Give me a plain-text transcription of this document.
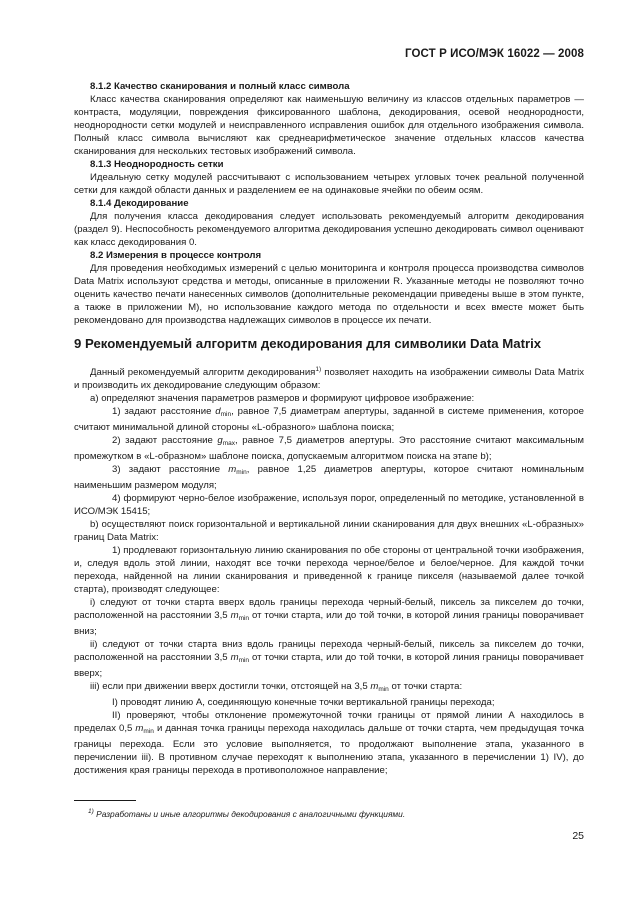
ГОСТ Р ИСО/МЭК 16022 — 2008

8.1.2 Качество сканирования и полный класс символа

Класс качества сканирования определяют как наименьшую величину из классов отдельных параметров — контраста, модуляции, повреждения фиксированного шаблона, декодирования, осевой неоднородности, неоднородности сетки модулей и неисправленного исправления ошибок для отдельного изображения символа. Полный класс символа вычисляют как среднеарифметическое значение отдельных классов качества сканирования для нескольких тестовых изображений символа.

8.1.3 Неоднородность сетки

Идеальную сетку модулей рассчитывают с использованием четырех угловых точек реальной полученной сетки для каждой области данных и разделением ее на одинаковые ячейки по обеим осям.

8.1.4 Декодирование

Для получения класса декодирования следует использовать рекомендуемый алгоритм декодирования (раздел 9). Неспособность рекомендуемого алгоритма декодирования успешно декодировать символ оценивают как класс декодирования 0.

8.2 Измерения в процессе контроля

Для проведения необходимых измерений с целью мониторинга и контроля процесса производства символов Data Matrix используют средства и методы, описанные в приложении R. Указанные методы не позволяют точно оценить качество печати нанесенных символов (дополнительные рекомендации приведены выше в этом пункте, а также в приложении М), но использование каждого метода по отдельности и всех вместе может быть рекомендовано для производства надлежащих символов в процессе их печати.

9 Рекомендуемый алгоритм декодирования для символики Data Matrix

Данный рекомендуемый алгоритм декодирования$^{1)}$ позволяет находить на изображении символы Data Matrix и производить их декодирование следующим образом:

а) определяют значения параметров размеров и формируют цифровое изображение:

1) задают расстояние $d_{min}$, равное 7,5 диаметрам апертуры, заданной в системе применения, которое считают минимальной длиной стороны «L-образного» шаблона поиска;

2) задают расстояние $g_{max}$, равное 7,5 диаметров апертуры. Это расстояние считают максимальным промежутком в «L-образном» шаблоне поиска, допускаемым алгоритмом поиска на этапе b);

3) задают расстояние $m_{min}$, равное 1,25 диаметров апертуры, которое считают номинальным наименьшим размером модуля;

4) формируют черно-белое изображение, используя порог, определенный по методике, установленной в ИСО/МЭК 15415;

b) осуществляют поиск горизонтальной и вертикальной линии сканирования для двух внешних «L-образных» границ Data Matrix:

1) продлевают горизонтальную линию сканирования по обе стороны от центральной точки изображения, и, следуя вдоль этой линии, находят все точки перехода черное/белое и белое/черное. Для каждой точки перехода, найденной на линии сканирования и приведенной к границе пикселя (называемой далее точкой старта), производят следующее:

i) следуют от точки старта вверх вдоль границы перехода черный-белый, пиксель за пикселем до точки, расположенной на расстоянии 3,5 $m_{min}$ от точки старта, или до той точки, в которой линия границы поворачивает вниз;

ii) следуют от точки старта вниз вдоль границы перехода черный-белый, пиксель за пикселем до точки, расположенной на расстоянии 3,5 $m_{min}$ от точки старта, или до той точки, в которой линия границы поворачивает вверх;

iii) если при движении вверх достигли точки, отстоящей на 3,5 $m_{min}$ от точки старта:

I) проводят линию А, соединяющую конечные точки вертикальной границы перехода;

II) проверяют, чтобы отклонение промежуточной точки границы от прямой линии А находилось в пределах 0,5 $m_{min}$ и данная точка границы перехода находилась дальше от точки старта, чем предыдущая точка границы перехода. Если это условие выполняется, то продолжают выполнение этапа, указанного в перечислении iii). В противном случае переходят к выполнению этапа, указанного в перечислении 1) IV), до достижения края границы перехода в противоположное направление;

$^{1)}$ Разработаны и иные алгоритмы декодирования с аналогичными функциями.
25
